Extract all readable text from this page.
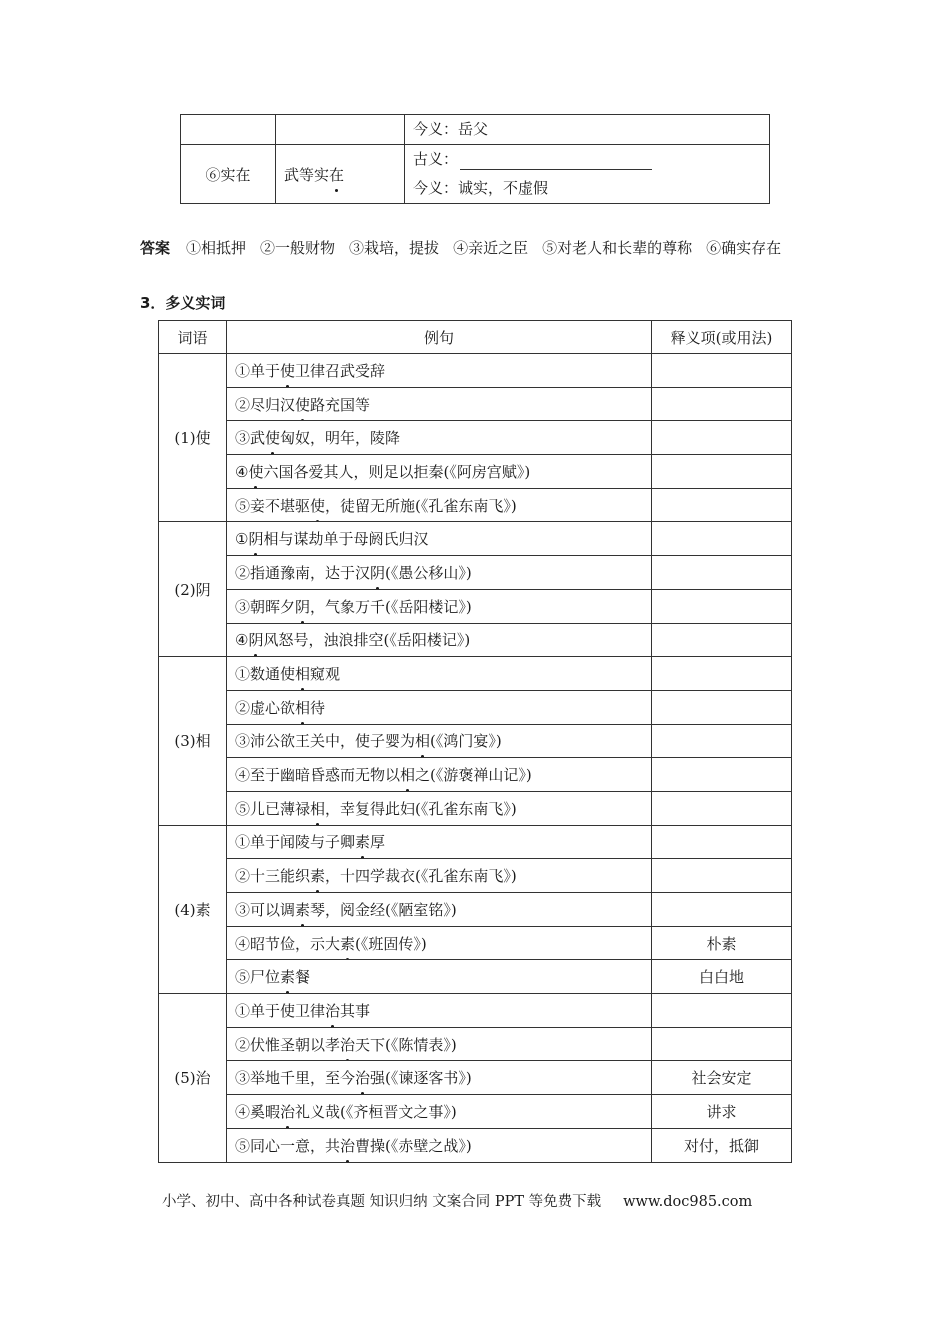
		今义：岳父
⑥实在	武等实在	古义：
		今义：诚实，不虚假
答案 ①相抵押 ②一般财物 ③栽培，提拔 ④亲近之臣 ⑤对老人和长辈的尊称 ⑥确实存在
3．多义实词
词语	例句	释义项(或用法)
(1)使	①单于使卫律召武受辞	
	②尽归汉使路充国等	
	③武使匈奴，明年，陵降	
	④使六国各爱其人，则足以拒秦(《阿房宫赋》)	
	⑤妾不堪驱使，徒留无所施(《孔雀东南飞》)	
(2)阴	①阴相与谋劫单于母阏氏归汉	
	②指通豫南，达于汉阴(《愚公移山》)	
	③朝晖夕阴，气象万千(《岳阳楼记》)	
	④阴风怒号，浊浪排空(《岳阳楼记》)	
(3)相	①数通使相窥观	
	②虚心欲相待	
	③沛公欲王关中，使子婴为相(《鸿门宴》)	
	④至于幽暗昏惑而无物以相之(《游褒禅山记》)	
	⑤儿已薄禄相，幸复得此妇(《孔雀东南飞》)	
(4)素	①单于闻陵与子卿素厚	
	②十三能织素，十四学裁衣(《孔雀东南飞》)	
	③可以调素琴，阅金经(《陋室铭》)	
	④昭节俭，示大素(《班固传》)	朴素
	⑤尸位素餐	白白地
(5)治	①单于使卫律治其事	
	②伏惟圣朝以孝治天下(《陈情表》)	
	③举地千里，至今治强(《谏逐客书》)	社会安定
	④奚暇治礼义哉(《齐桓晋文之事》)	讲求
	⑤同心一意，共治曹操(《赤壁之战》)	对付，抵御
小学、初中、高中各种试卷真题 知识归纳 文案合同 PPT 等免费下载 www.doc985.com
